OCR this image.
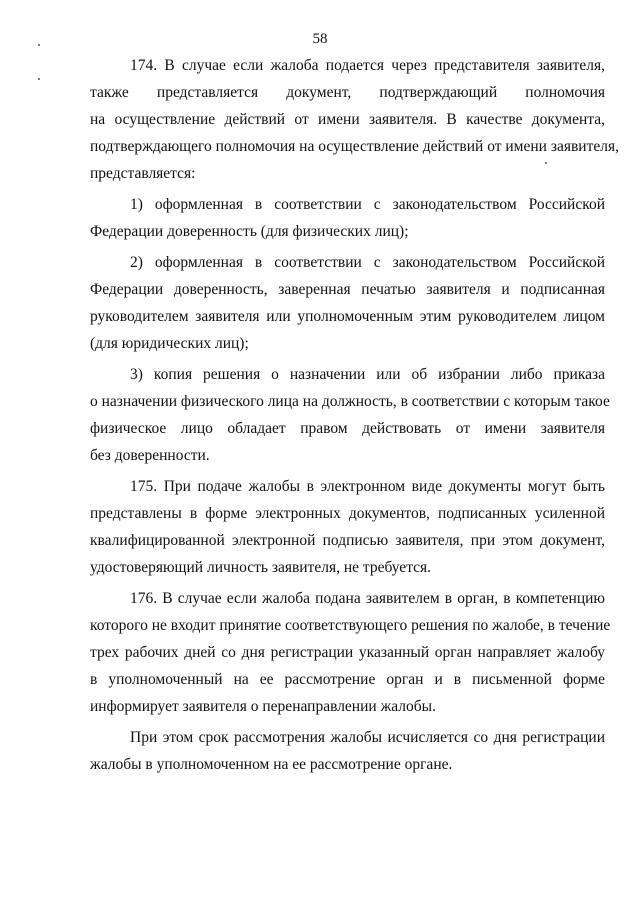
58
174. В случае если жалоба подается через представителя заявителя,
также представляется документ, подтверждающий полномочия
на осуществление действий от имени заявителя. В качестве документа,
подтверждающего полномочия на осуществление действий от имени заявителя,
представляется:
1) оформленная в соответствии с законодательством Российской
Федерации доверенность (для физических лиц);
2) оформленная в соответствии с законодательством Российской
Федерации доверенность, заверенная печатью заявителя и подписанная
руководителем заявителя или уполномоченным этим руководителем лицом
(для юридических лиц);
3) копия решения о назначении или об избрании либо приказа
о назначении физического лица на должность, в соответствии с которым такое
физическое лицо обладает правом действовать от имени заявителя
без доверенности.
175. При подаче жалобы в электронном виде документы могут быть
представлены в форме электронных документов, подписанных усиленной
квалифицированной электронной подписью заявителя, при этом документ,
удостоверяющий личность заявителя, не требуется.
176. В случае если жалоба подана заявителем в орган, в компетенцию
которого не входит принятие соответствующего решения по жалобе, в течение
трех рабочих дней со дня регистрации указанный орган направляет жалобу
в уполномоченный на ее рассмотрение орган и в письменной форме
информирует заявителя о перенаправлении жалобы.
При этом срок рассмотрения жалобы исчисляется со дня регистрации
жалобы в уполномоченном на ее рассмотрение органе.
